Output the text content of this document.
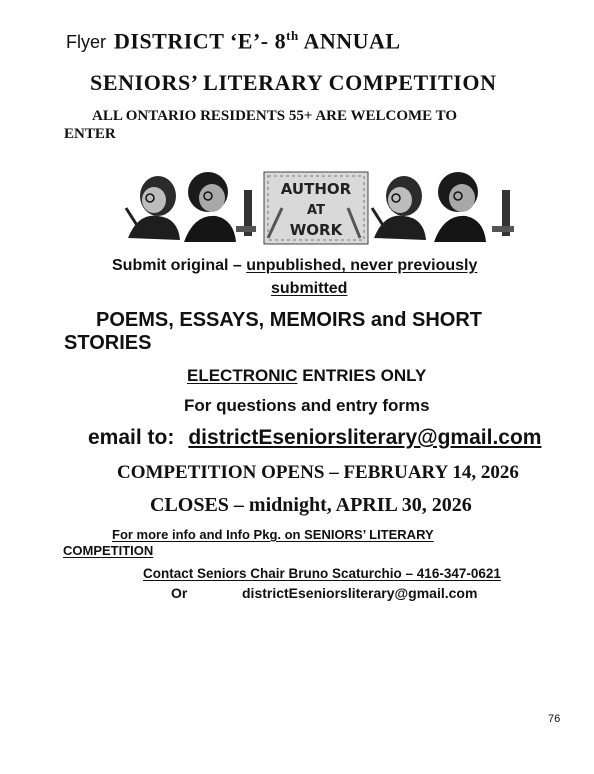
Flyer DISTRICT ‘E’- 8th ANNUAL
SENIORS’ LITERARY COMPETITION
ALL ONTARIO RESIDENTS 55+ ARE WELCOME TO
ENTER
AUTHOR
AT
WORK
Submit original – unpublished, never previously
submitted
POEMS, ESSAYS, MEMOIRS and SHORT
STORIES
ELECTRONIC ENTRIES ONLY
For questions and entry forms
email to: districtEseniorsliterary@gmail.com
COMPETITION OPENS – FEBRUARY 14, 2026
CLOSES – midnight, APRIL 30, 2026
For more info and Info Pkg. on SENIORS’ LITERARY
COMPETITION
Contact Seniors Chair Bruno Scaturchio – 416-347-0621
Or	districtEseniorsliterary@gmail.com
76
